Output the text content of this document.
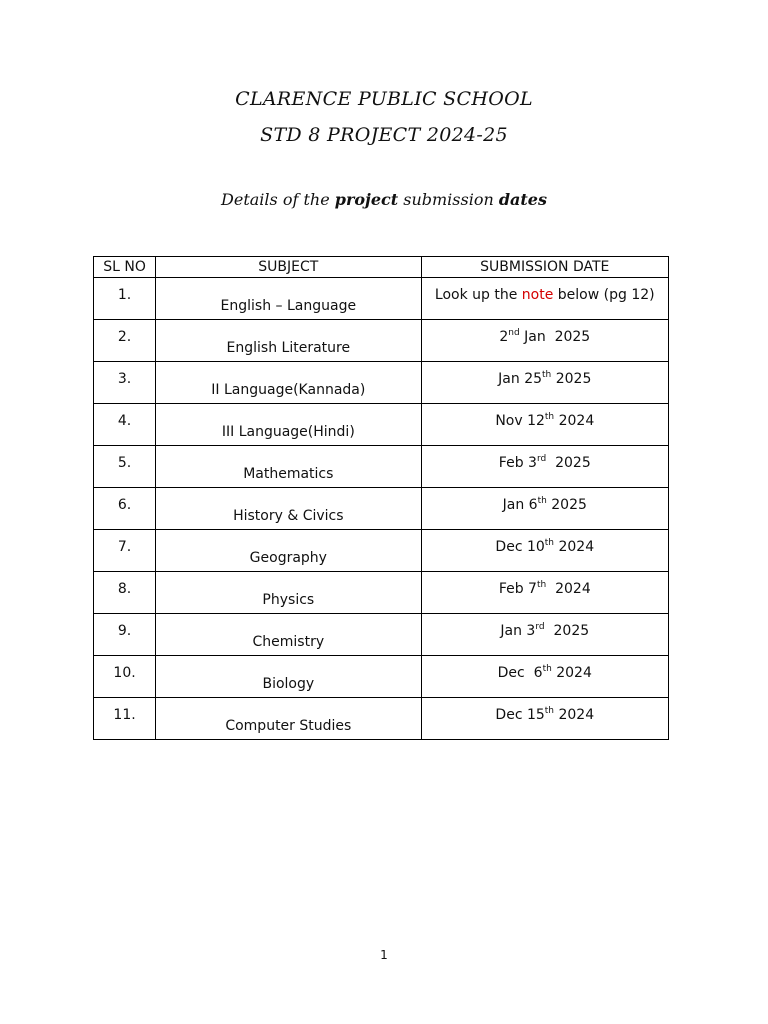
CLARENCE PUBLIC SCHOOL
STD 8 PROJECT 2024-25
Details of the project submission dates
SL NO	SUBJECT	SUBMISSION DATE

1.	English – Language	Look up the note below (pg 12)

2.	English Literature	2nd Jan  2025

3.	II Language(Kannada)	Jan 25th 2025

4.	III Language(Hindi)	Nov 12th 2024

5.	Mathematics	Feb 3rd  2025

6.	History & Civics	Jan 6th 2025

7.	Geography	Dec 10th 2024

8.	Physics	Feb 7th  2024

9.	Chemistry	Jan 3rd  2025

10.	Biology	Dec  6th 2024

11.	Computer Studies	Dec 15th 2024
1
